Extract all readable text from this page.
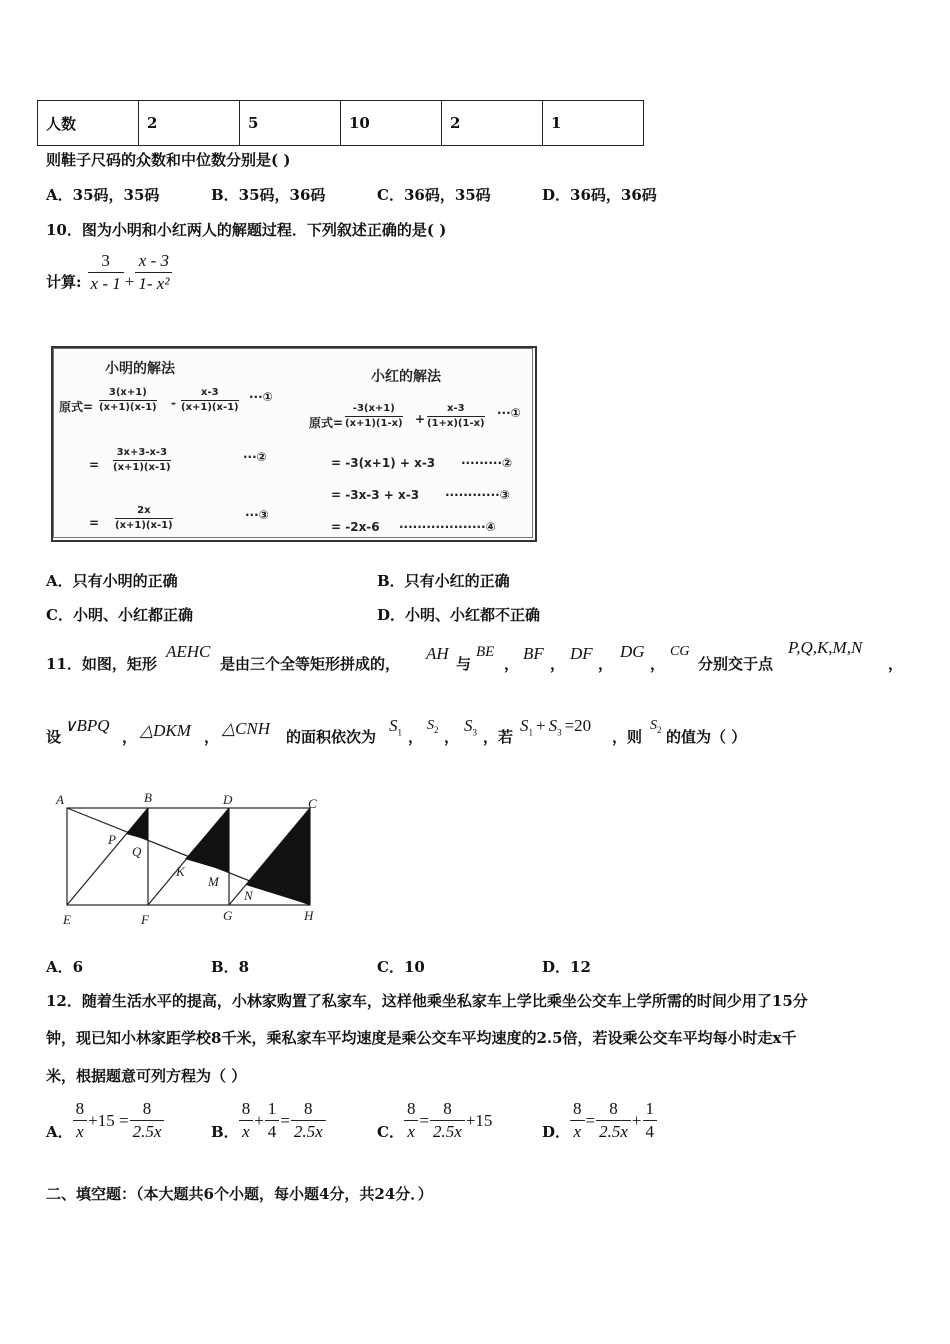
人数	2	5	10	2	1
则鞋子尺码的众数和中位数分别是( )
A．35码，35码	B．35码，36码	C．36码，35码	D．36码，36码
10．图为小明和小红两人的解题过程．下列叙述正确的是( )
计算: $\frac{3}{x - 1} + \frac{x - 3}{\text{1- x²}}$
小明的解法
原式=
3(x+1)
(x+1)(x-1) -
x-3
(x+1)(x-1)
···①
=
3x+3-x-3
(x+1)(x-1)
···②
=
2x
(x+1)(x-1)
···③
小红的解法
原式=
-3(x+1)
(x+1)(1-x) +
x-3
(1+x)(1-x)
···①
= -3(x+1) + x-3 ·········②
= -3x-3 + x-3 ············③
= -2x-6 ···················④
A．只有小明的正确	B．只有小红的正确
C．小明、小红都正确	D．小明、小红都不正确
11．如图，矩形
AEHC
是由三个全等矩形拼成的，
AH
与
BE
，
BF
，
DF
，
DG
，
CG
分别交于点
P,Q,K,M,N
，
设
∨BPQ
， △DKM ， △CNH 的面积依次为
$S_1$ ，
$S_2$ ，
$S_3$ ，若
$S_1 + S_3 =20$
，则
$S_2$ 的值为（ ）
A	B	D	C
P
Q
K
M
N
E	F	G	H
A．6	B．8	C．10	D．12
12．随着生活水平的提高，小林家购置了私家车，这样他乘坐私家车上学比乘坐公交车上学所需的时间少用了15分
钟，现已知小林家距学校8千米，乘私家车平均速度是乘公交车平均速度的2.5倍，若设乘公交车平均每小时走x千
米，根据题意可列方程为（ ）
A． $\frac{8}{x} +15 = \frac{8}{2.5x}$	B． $\frac{8}{x} + \frac{1}{4} = \frac{8}{2.5x}$	C． $\frac{8}{x} = \frac{8}{2.5x} +15$
D． $\frac{8}{x} = \frac{8}{2.5x} + \frac{1}{4}$
二、填空题：（本大题共6个小题，每小题4分，共24分．）
